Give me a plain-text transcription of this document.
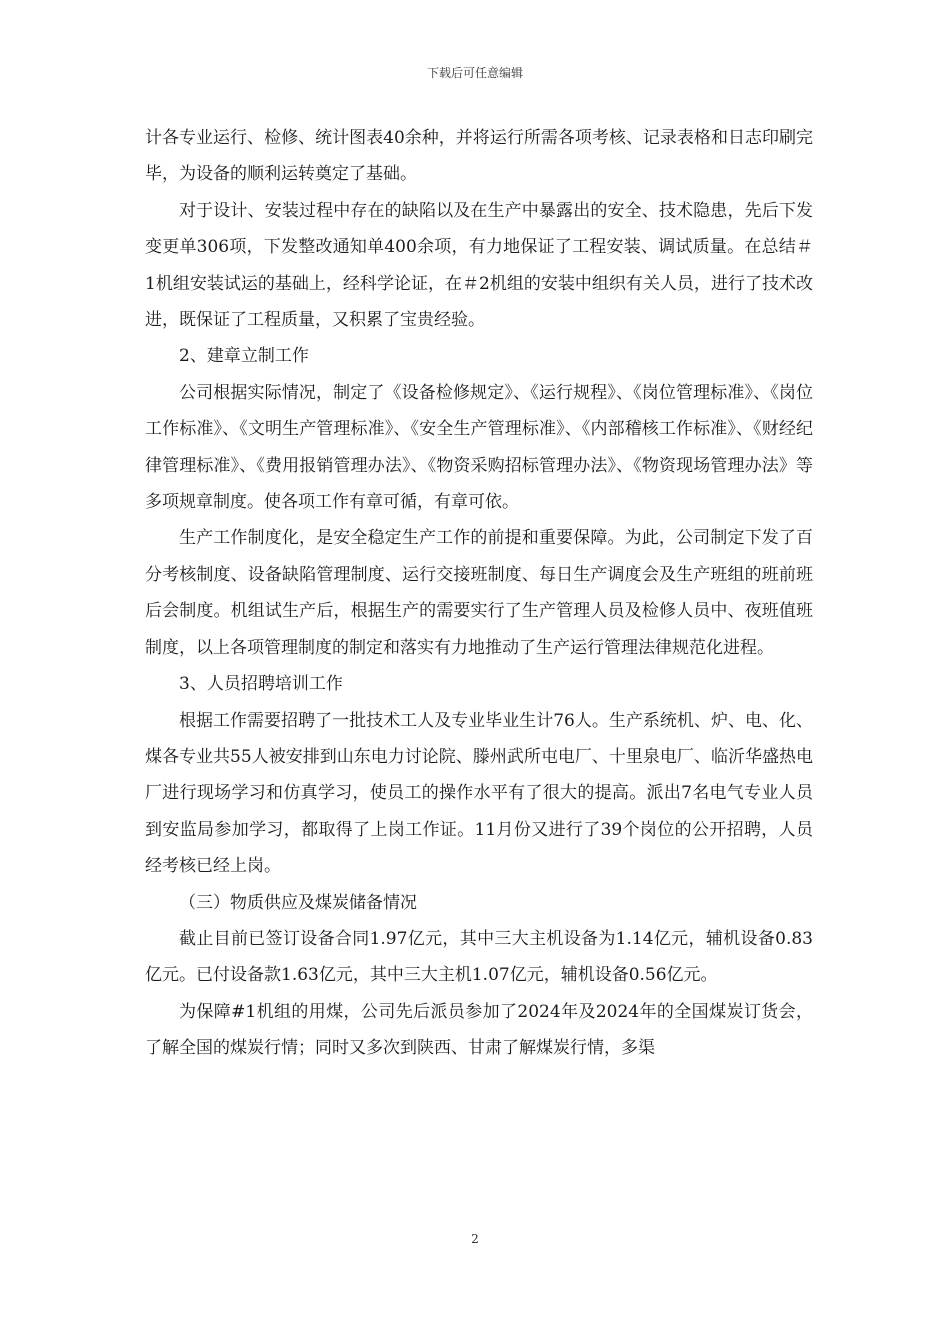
下载后可任意编辑

计各专业运行、检修、统计图表40余种，并将运行所需各项考核、记录表格和日志印刷完毕，为设备的顺利运转奠定了基础。

对于设计、安装过程中存在的缺陷以及在生产中暴露出的安全、技术隐患，先后下发变更单306项，下发整改通知单400余项，有力地保证了工程安装、调试质量。在总结＃1机组安装试运的基础上，经科学论证，在＃2机组的安装中组织有关人员，进行了技术改进，既保证了工程质量，又积累了宝贵经验。

2、建章立制工作

公司根据实际情况，制定了《设备检修规定》、《运行规程》、《岗位管理标准》、《岗位工作标准》、《文明生产管理标准》、《安全生产管理标准》、《内部稽核工作标准》、《财经纪律管理标准》、《费用报销管理办法》、《物资采购招标管理办法》、《物资现场管理办法》等多项规章制度。使各项工作有章可循，有章可依。

生产工作制度化，是安全稳定生产工作的前提和重要保障。为此，公司制定下发了百分考核制度、设备缺陷管理制度、运行交接班制度、每日生产调度会及生产班组的班前班后会制度。机组试生产后，根据生产的需要实行了生产管理人员及检修人员中、夜班值班制度，以上各项管理制度的制定和落实有力地推动了生产运行管理法律规范化进程。

3、人员招聘培训工作

根据工作需要招聘了一批技术工人及专业毕业生计76人。生产系统机、炉、电、化、煤各专业共55人被安排到山东电力讨论院、滕州武所屯电厂、十里泉电厂、临沂华盛热电厂进行现场学习和仿真学习，使员工的操作水平有了很大的提高。派出7名电气专业人员到安监局参加学习，都取得了上岗工作证。11月份又进行了39个岗位的公开招聘，人员经考核已经上岗。

（三）物质供应及煤炭储备情况

截止目前已签订设备合同1.97亿元，其中三大主机设备为1.14亿元，辅机设备0.83亿元。已付设备款1.63亿元，其中三大主机1.07亿元，辅机设备0.56亿元。

为保障#1机组的用煤，公司先后派员参加了2024年及2024年的全国煤炭订货会，了解全国的煤炭行情；同时又多次到陕西、甘肃了解煤炭行情，多渠

2
